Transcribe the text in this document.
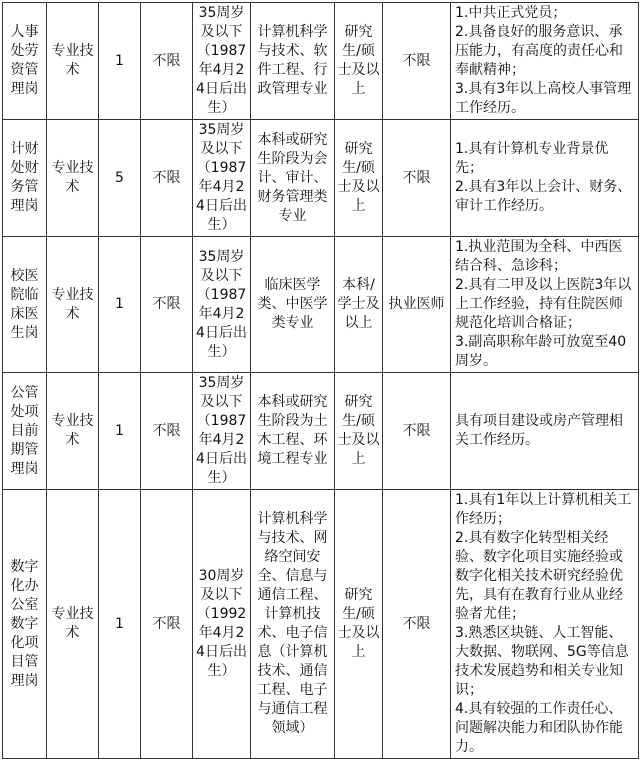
人事处劳资管理岗	专业技术	1	不限	35周岁及以下（1987年4月24日后出生）	计算机科学与技术、软件工程、行政管理专业	研究生/硕士及以上	不限	1.中共正式党员；
2.具备良好的服务意识、承压能力，有高度的责任心和奉献精神；
3.具有3年以上高校人事管理工作经历。

计财处财务管理岗	专业技术	5	不限	35周岁及以下（1987年4月24日后出生）	本科或研究生阶段为会计、审计、财务管理类专业	研究生/硕士及以上	不限	1.具有计算机专业背景优先；
2.具有3年以上会计、财务、审计工作经历。

校医院临床医生岗	专业技术	1	不限	35周岁及以下（1987年4月24日后出生）	临床医学类、中医学类专业	本科/学士及以上	执业医师	1.执业范围为全科、中西医结合科、急诊科；
2.具有二甲及以上医院3年以上工作经验，持有住院医师规范化培训合格证；
3.副高职称年龄可放宽至40周岁。

公管处项目前期管理岗	专业技术	1	不限	35周岁及以下（1987年4月24日后出生）	本科或研究生阶段为土木工程、环境工程专业	研究生/硕士及以上	不限	具有项目建设或房产管理相关工作经历。

数字化办公室数字化项目管理岗	专业技术	1	不限	30周岁及以下（1992年4月24日后出生）	计算机科学与技术、网络空间安全、信息与通信工程、计算机技术、电子信息（计算机技术、通信工程、电子与通信工程领域）	研究生/硕士及以上	不限	1.具有1年以上计算机相关工作经历；
2.具有数字化转型相关经验、数字化项目实施经验或数字化相关技术研究经验优先，具有在教育行业从业经验者尤佳；
3.熟悉区块链、人工智能、大数据、物联网、5G等信息技术发展趋势和相关专业知识；
4.具有较强的工作责任心、问题解决能力和团队协作能力。
